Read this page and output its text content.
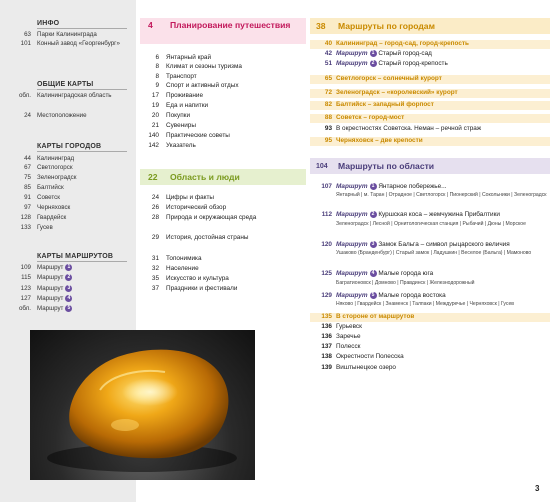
ИНФО
63 Парки Калининграда
101 Конный завод «Георгенбург»
ОБЩИЕ КАРТЫ
обл. Калининградская область
24 Местоположение
КАРТЫ ГОРОДОВ
44 Калининград
67 Светлогорск
75 Зеленоградск
85 Балтийск
91 Советск
97 Черняховск
128 Гвардейск
133 Гусев
КАРТЫ МАРШРУТОВ
109 Маршрут 1
115 Маршрут 2
123 Маршрут 3
127 Маршрут 4
обл. Маршрут 5
4 Планирование путешествия
6 Янтарный край
8 Климат и сезоны туризма
8 Транспорт
9 Спорт и активный отдых
17 Проживание
19 Еда и напитки
20 Покупки
21 Сувениры
140 Практические советы
142 Указатель
22 Область и люди
24 Цифры и факты
26 Исторический обзор
28 Природа и окружающая среда
29 История, достойная страны
31 Топонимика
32 Население
35 Искусство и культура
37 Праздники и фестивали
38 Маршруты по городам
40 Калининград – город-сад, город-крепость
42 Маршрут 1 Старый город-сад
51 Маршрут 2 Старый город-крепость
65 Светлогорск – солнечный курорт
72 Зеленоградск – «королевский» курорт
82 Балтийск – западный форпост
88 Советск – город-мост
93 В окрестностях Советска. Неман – речной страж
95 Черняховск – две крепости
104 Маршруты по области
107 Маршрут 1 Янтарное побережье...
Янтарный | м. Таран | Отрадное | Светлогорск | Пионерский | Сокольники | Зеленоградск
112 Маршрут 2 Куршская коса – жемчужина Прибалтики
Зеленоградск | Лесной | Орнитологическая станция | Рыбачий | Дюны | Морское
120 Маршрут 3 Замок Бальга – символ рыцарского величия
Ушаково (Бранденбург) | Старый замок | Ладушкин | Веселое (Бальга) | Мамоново
125 Маршрут 4 Малые города юга
Багратионовск | Домново | Правдинск | Железнодорожный
129 Маршрут 5 Малые города востока
Няково | Гвардейск | Знаменск | Талпаки | Междуречье | Черняховск | Гусев
135 В стороне от маршрутов
136 Гурьевск
136 Заречье
137 Полесск
138 Окрестности Полесска
139 Виштынецкое озеро
3
